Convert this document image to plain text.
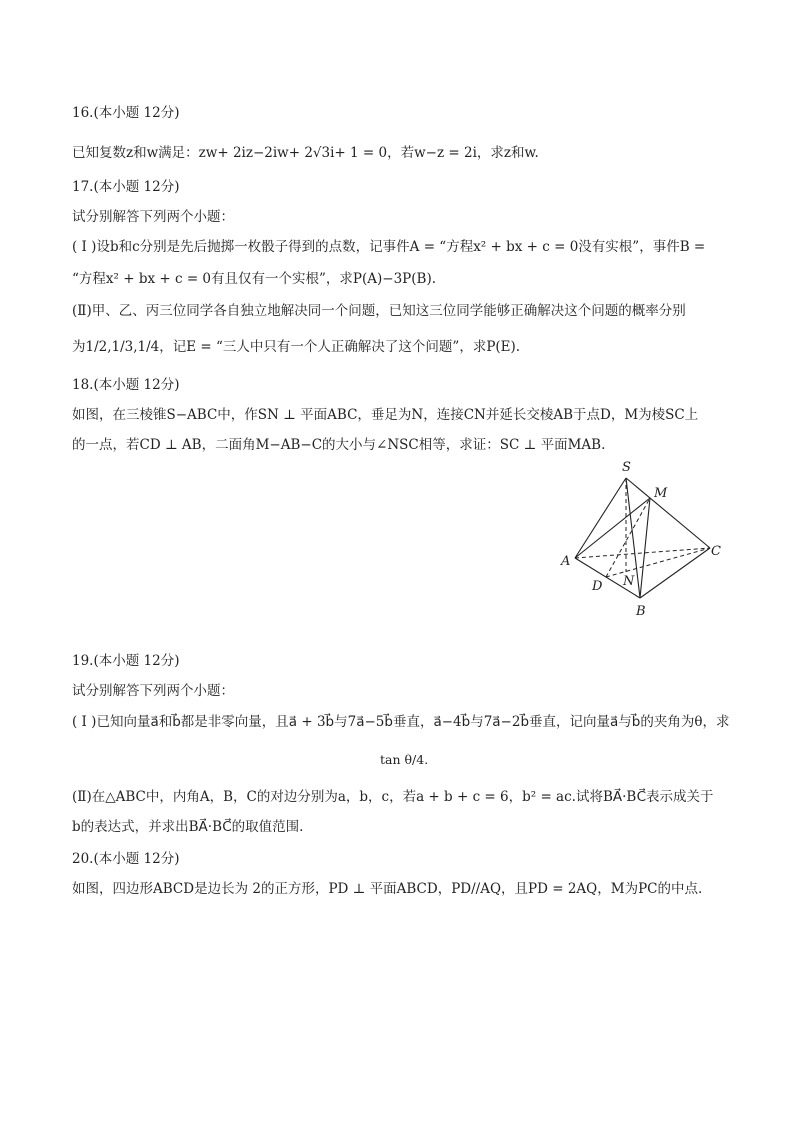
16.(本小题 12分)
已知复数z和w满足：zw+ 2iz−2iw+ 2√3i+ 1 = 0，若w−z = 2i，求z和w.
17.(本小题 12分)
试分别解答下列两个小题：
( I )设b和c分别是先后抛掷一枚骰子得到的点数，记事件A = “方程x² + bx + c = 0没有实根”，事件B =
“方程x² + bx + c = 0有且仅有一个实根”，求P(A)−3P(B).
(Ⅱ)甲、乙、丙三位同学各自独立地解决同一个问题，已知这三位同学能够正确解决这个问题的概率分别
为1/2,1/3,1/4，记E = “三人中只有一个人正确解决了这个问题”，求P(E).
18.(本小题 12分)
如图，在三棱锥S−ABC中，作SN ⊥ 平面ABC，垂足为N，连接CN并延长交棱AB于点D，M为棱SC上
的一点，若CD ⊥ AB，二面角M−AB−C的大小与∠NSC相等，求证：SC ⊥ 平面MAB.
S
M
A
C
D N
B
19.(本小题 12分)
试分别解答下列两个小题：
( I )已知向量a⃗和b⃗都是非零向量，且a⃗ + 3b⃗与7a⃗−5b⃗垂直，a⃗−4b⃗与7a⃗−2b⃗垂直，记向量a⃗与b⃗的夹角为θ，求
tan θ/4.
(Ⅱ)在△ABC中，内角A，B，C的对边分别为a，b，c，若a + b + c = 6，b² = ac.试将BA⃗·BC⃗表示成关于
b的表达式，并求出BA⃗·BC⃗的取值范围.
20.(本小题 12分)
如图，四边形ABCD是边长为 2的正方形，PD ⊥ 平面ABCD，PD//AQ，且PD = 2AQ，M为PC的中点.
